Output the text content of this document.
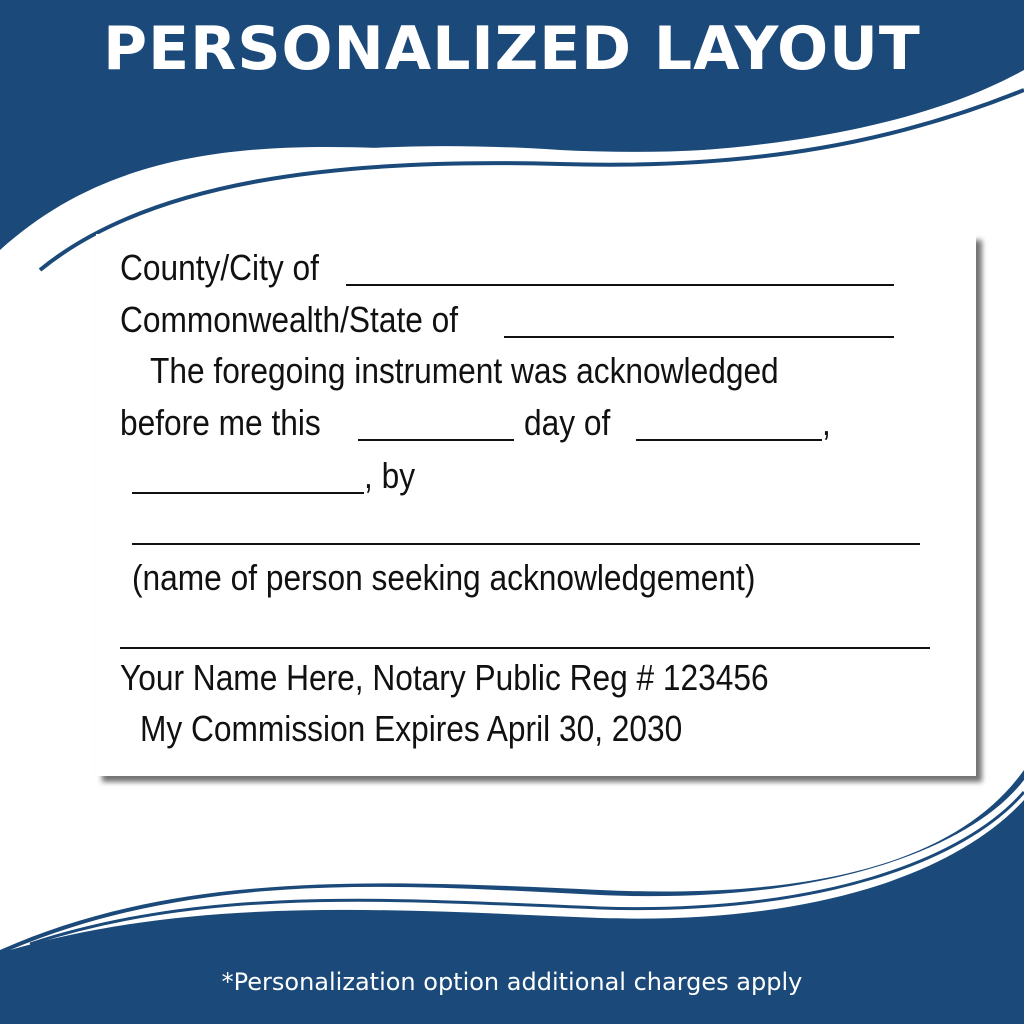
PERSONALIZED LAYOUT
County/City of
Commonwealth/State of
The foregoing instrument was acknowledged
before me this	day of	,
, by
(name of person seeking acknowledgement)
Your Name Here, Notary Public Reg # 123456
My Commission Expires April 30, 2030
*Personalization option additional charges apply
